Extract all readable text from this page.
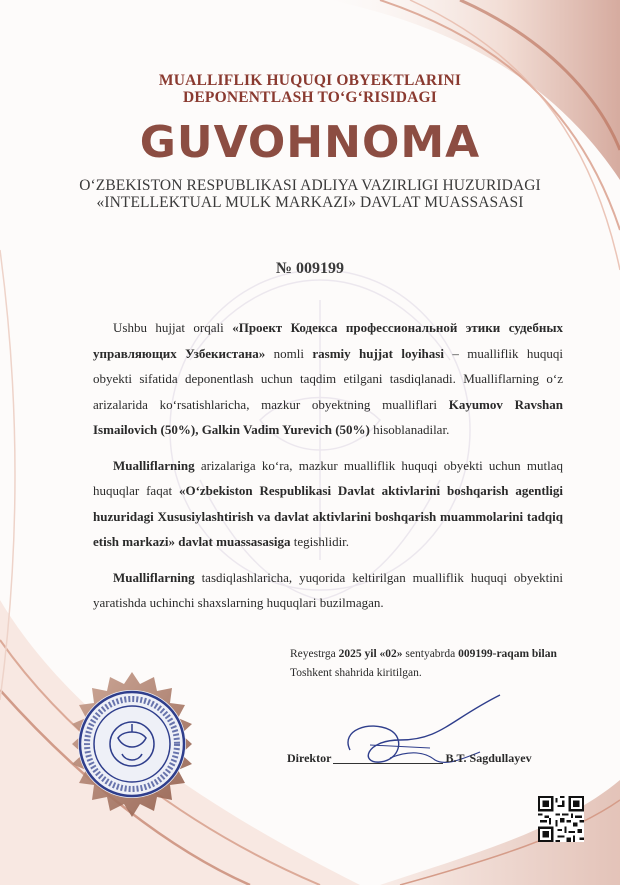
MUALLIFLIK HUQUQI OBYEKTLARINI
DEPONENTLASH TO‘G‘RISIDAGI
GUVOHNOMA
O‘ZBEKISTON RESPUBLIKASI ADLIYA VAZIRLIGI HUZURIDAGI
«INTELLEKTUAL MULK MARKAZI» DAVLAT MUASSASASI
№ 009199

Ushbu hujjat orqali «Проект Кодекса профессиональной этики судебных управляющих Узбекистана» nomli rasmiy hujjat loyihasi – mualliflik huquqi obyekti sifatida deponentlash uchun taqdim etilgani tasdiqlanadi. Mualliflarning o‘z arizalarida ko‘rsatishlaricha, mazkur obyektning mualliflari Kayumov Ravshan Ismailovich (50%), Galkin Vadim Yurevich (50%) hisoblanadilar.

Mualliflarning arizalariga ko‘ra, mazkur mualliflik huquqi obyekti uchun mutlaq huquqlar faqat «O‘zbekiston Respublikasi Davlat aktivlarini boshqarish agentligi huzuridagi Xususiylashtirish va davlat aktivlarini boshqarish muammolarini tadqiq etish markazi» davlat muassasasiga tegishlidir.

Mualliflarning tasdiqlashlaricha, yuqorida keltirilgan mualliflik huquqi obyektini yaratishda uchinchi shaxslarning huquqlari buzilmagan.

Reyestrga 2025 yil «02» sentyabrda 009199-raqam bilan Toshkent shahrida kiritilgan.
Direktor	B.T. Sagdullayev
